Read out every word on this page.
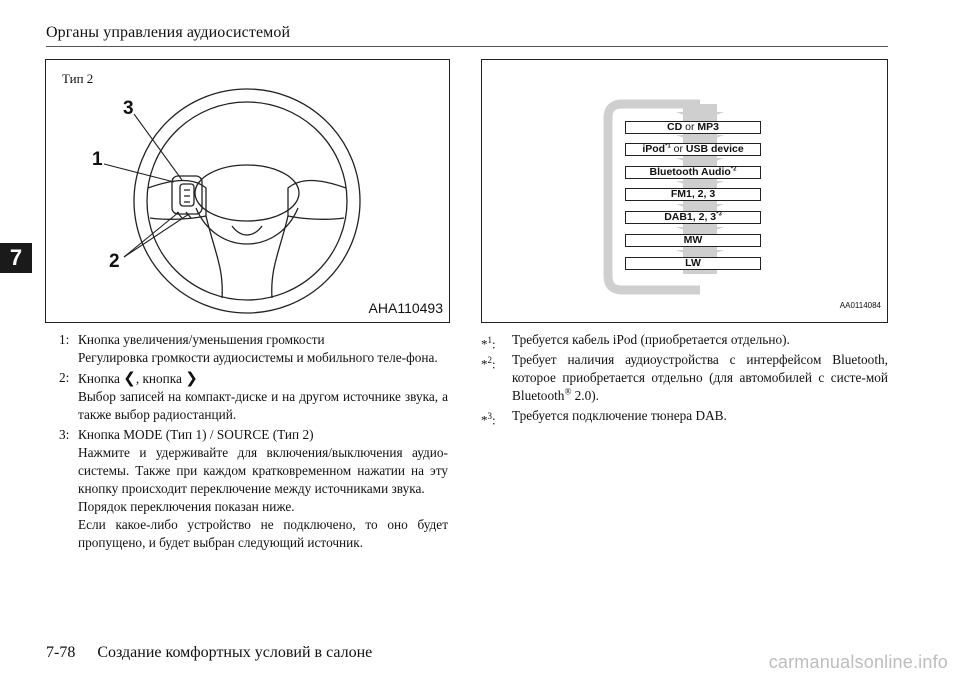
Органы управления аудиосистемой
7
Тип 2
3
1
2
AHA110493
CD or MP3
iPod$^{*1}$ or USB device
Bluetooth Audio$^{*2}$
FM1, 2, 3
DAB1, 2, 3$^{*3}$
MW
LW
AA0114084
1: Кнопка увеличения/уменьшения громкости

Регулировка громкости аудиосистемы и мобильного теле-фона.

2: Кнопка ❮, кнопка ❯

Выбор записей на компакт-диске и на другом источнике звука, а также выбор радиостанций.

3: Кнопка MODE (Тип 1) / SOURCE (Тип 2)

Нажмите и удерживайте для включения/выключения аудио-системы. Также при каждом кратковременном нажатии на эту кнопку происходит переключение между источниками звука.

Порядок переключения показан ниже.

Если какое-либо устройство не подключено, то оно будет пропущено, и будет выбран следующий источник.

*$^1$: Требуется кабель iPod (приобретается отдельно).

*$^2$: Требует наличия аудиоустройства с интерфейсом Bluetooth, которое приобретается отдельно (для автомобилей с систе-мой Bluetooth® 2.0).

*$^3$: Требуется подключение тюнера DAB.

7-78 Создание комфортных условий в салоне	carmanualsonline.info
